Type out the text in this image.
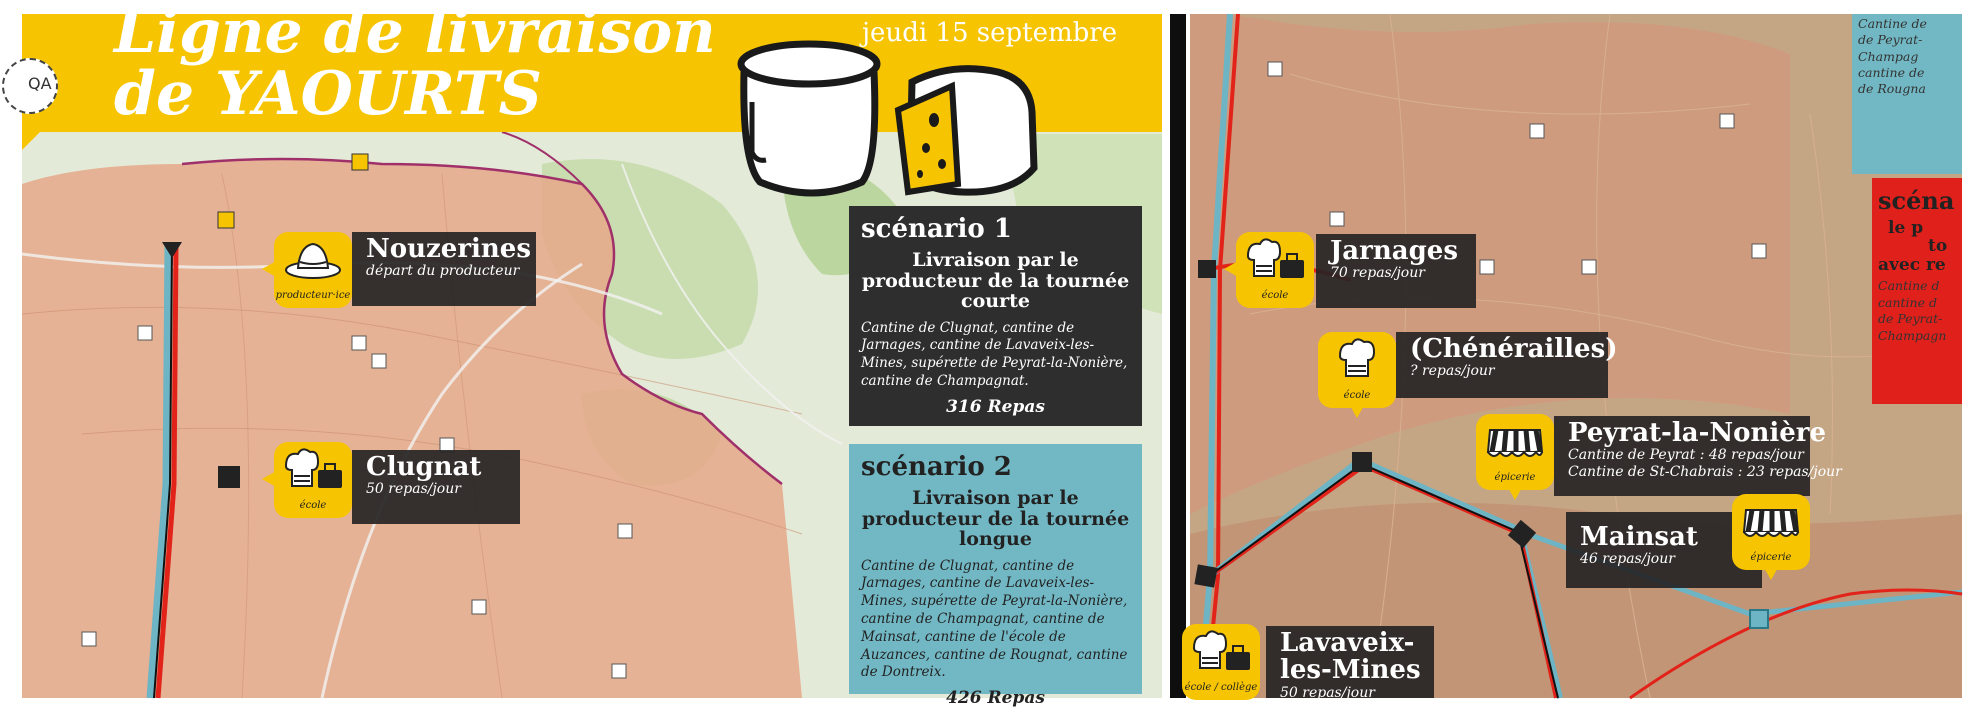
QA
Ligne de livraison
de YAOURTS
jeudi 15 septembre
scénario 1
Livraison par le producteur de la tournée courte
Cantine de Clugnat, cantine de Jarnages, cantine de Lavaveix-les-Mines, supérette de Peyrat-la-Nonière, cantine de Champagnat.
316 Repas
scénario 2
Livraison par le producteur de la tournée longue
Cantine de Clugnat, cantine de Jarnages, cantine de Lavaveix-les-Mines, supérette de Peyrat-la-Nonière, cantine de Champagnat, cantine de Mainsat, cantine de l'école de Auzances, cantine de Rougnat, cantine de Dontreix.
426 Repas
producteur·ice
Nouzerines
départ du producteur
école
Clugnat
50 repas/jour
Cantine de
de Peyrat-
Champag
cantine de
de Rougna
scéna
le p
to
avec re
Cantine d
cantine d
de Peyrat-
Champagn
école
Jarnages
70 repas/jour
école
(Chénérailles)
? repas/jour
épicerie
Peyrat-la-Nonière
Cantine de Peyrat : 48 repas/jour
Cantine de St-Chabrais : 23 repas/jour
Mainsat
46 repas/jour	épicerie
école / collège
Lavaveix-
les-Mines
50 repas/jour
